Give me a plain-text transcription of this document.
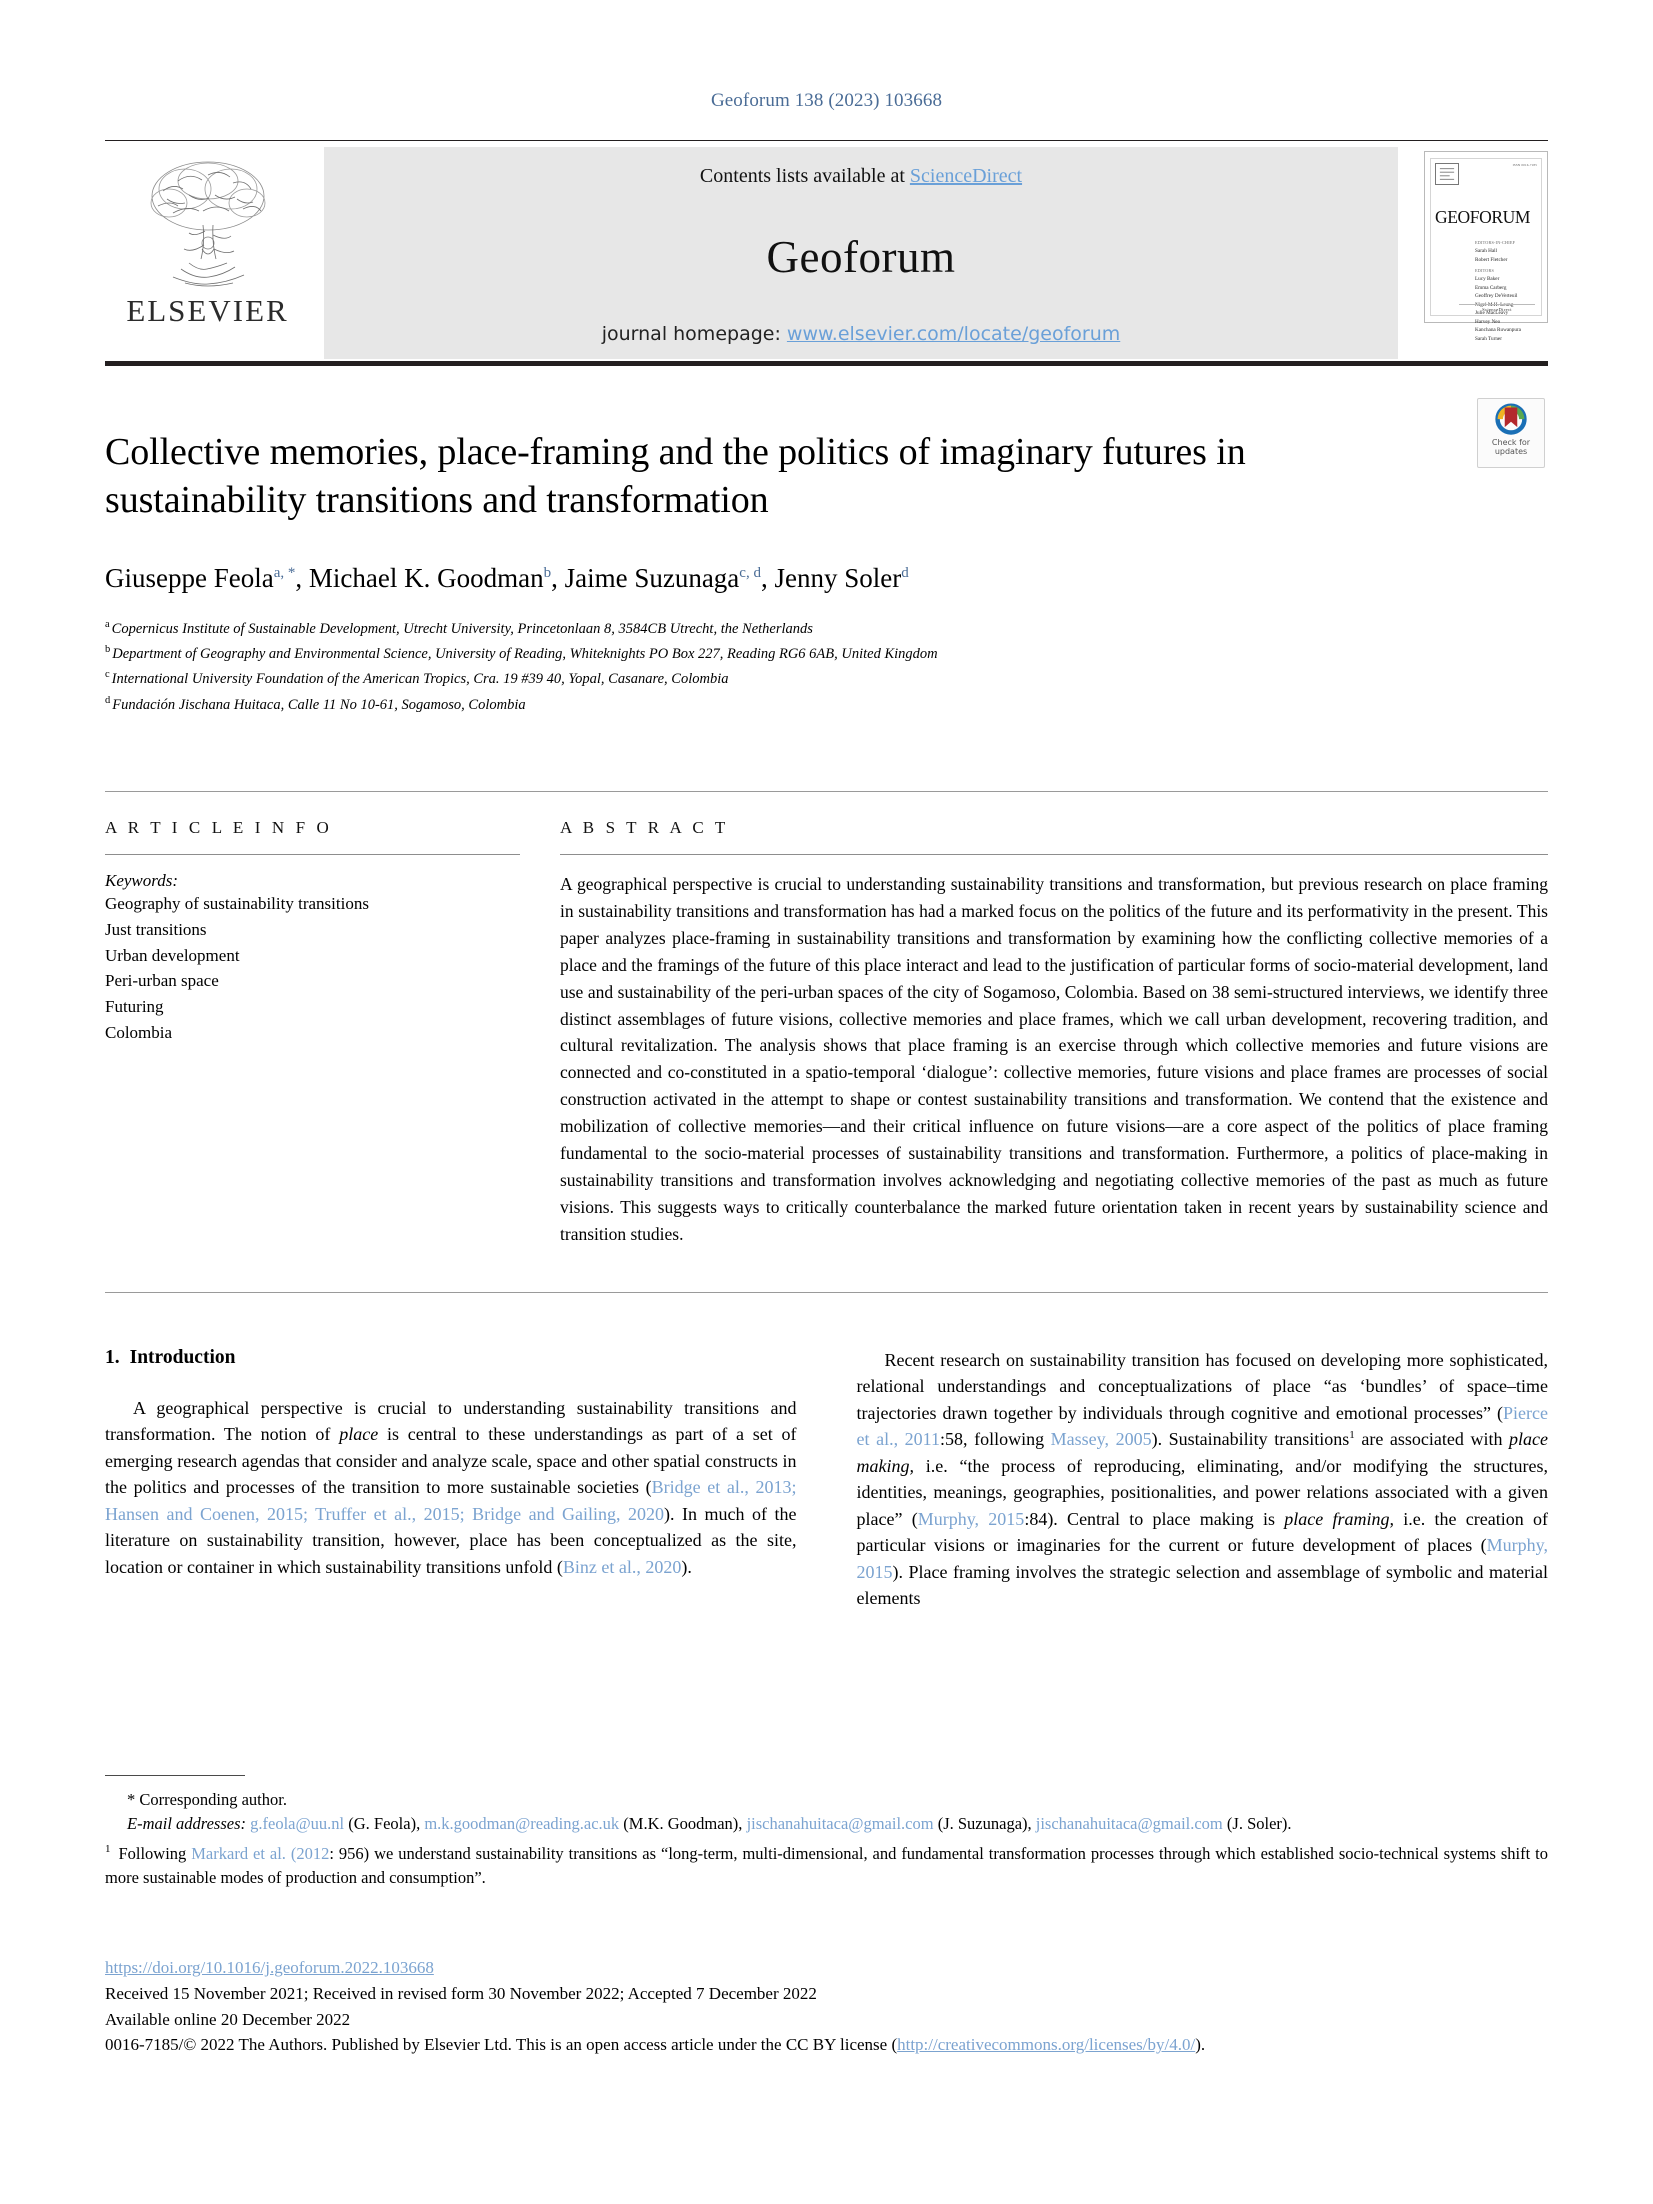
Geoforum 138 (2023) 103668
ELSEVIER
Contents lists available at ScienceDirect
Geoforum
journal homepage: www.elsevier.com/locate/geoforum
ISSN 0016-7185
GEOFORUM
EDITORS-IN-CHIEF
Sarah Hall
Robert Fletcher
EDITORS
Lucy Baker
Emma Carberg
Geoffrey DeVerteuil
Nigel M.H. Leung
Julie MacLeavy
Harvey Neo
Kanchana Ruwanpura
Sarah Turner
ScienceDirect
Check for
updates
Collective memories, place-framing and the politics of imaginary futures in sustainability transitions and transformation
Giuseppe Feola$^{a, *}$, Michael K. Goodman$^b$, Jaime Suzunaga$^{c, d}$, Jenny Soler$^d$
$^a$ Copernicus Institute of Sustainable Development, Utrecht University, Princetonlaan 8, 3584CB Utrecht, the Netherlands
$^b$ Department of Geography and Environmental Science, University of Reading, Whiteknights PO Box 227, Reading RG6 6AB, United Kingdom
$^c$ International University Foundation of the American Tropics, Cra. 19 #39 40, Yopal, Casanare, Colombia
$^d$ Fundación Jischana Huitaca, Calle 11 No 10-61, Sogamoso, Colombia
A R T I C L E I N F O
Keywords:
Geography of sustainability transitions
Just transitions
Urban development
Peri-urban space
Futuring
Colombia
A B S T R A C T
A geographical perspective is crucial to understanding sustainability transitions and transformation, but previous research on place framing in sustainability transitions and transformation has had a marked focus on the politics of the future and its performativity in the present. This paper analyzes place-framing in sustainability transitions and transformation by examining how the conflicting collective memories of a place and the framings of the future of this place interact and lead to the justification of particular forms of socio-material development, land use and sustainability of the peri-urban spaces of the city of Sogamoso, Colombia. Based on 38 semi-structured interviews, we identify three distinct assemblages of future visions, collective memories and place frames, which we call urban development, recovering tradition, and cultural revitalization. The analysis shows that place framing is an exercise through which collective memories and future visions are connected and co-constituted in a spatio-temporal ‘dialogue’: collective memories, future visions and place frames are processes of social construction activated in the attempt to shape or contest sustainability transitions and transformation. We contend that the existence and mobilization of collective memories—and their critical influence on future visions—are a core aspect of the politics of place framing fundamental to the socio-material processes of sustainability transitions and transformation. Furthermore, a politics of place-making in sustainability transitions and transformation involves acknowledging and negotiating collective memories of the past as much as future visions. This suggests ways to critically counterbalance the marked future orientation taken in recent years by sustainability science and transition studies.
1. Introduction

A geographical perspective is crucial to understanding sustainability transitions and transformation. The notion of place is central to these understandings as part of a set of emerging research agendas that consider and analyze scale, space and other spatial constructs in the politics and processes of the transition to more sustainable societies (Bridge et al., 2013; Hansen and Coenen, 2015; Truffer et al., 2015; Bridge and Gailing, 2020). In much of the literature on sustainability transition, however, place has been conceptualized as the site, location or container in which sustainability transitions unfold (Binz et al., 2020).

Recent research on sustainability transition has focused on developing more sophisticated, relational understandings and conceptualizations of place “as ‘bundles’ of space–time trajectories drawn together by individuals through cognitive and emotional processes” (Pierce et al., 2011:58, following Massey, 2005). Sustainability transitions$^1$ are associated with place making, i.e. “the process of reproducing, eliminating, and/or modifying the structures, identities, meanings, geographies, positionalities, and power relations associated with a given place” (Murphy, 2015:84). Central to place making is place framing, i.e. the creation of particular visions or imaginaries for the current or future development of places (Murphy, 2015). Place framing involves the strategic selection and assemblage of symbolic and material elements

* Corresponding author.
E-mail addresses: g.feola@uu.nl (G. Feola), m.k.goodman@reading.ac.uk (M.K. Goodman), jischanahuitaca@gmail.com (J. Suzunaga), jischanahuitaca@gmail.com (J. Soler).
$^1$ Following Markard et al. (2012: 956) we understand sustainability transitions as “long-term, multi-dimensional, and fundamental transformation processes through which established socio-technical systems shift to more sustainable modes of production and consumption”.
https://doi.org/10.1016/j.geoforum.2022.103668
Received 15 November 2021; Received in revised form 30 November 2022; Accepted 7 December 2022
Available online 20 December 2022
0016-7185/© 2022 The Authors. Published by Elsevier Ltd. This is an open access article under the CC BY license (http://creativecommons.org/licenses/by/4.0/).
